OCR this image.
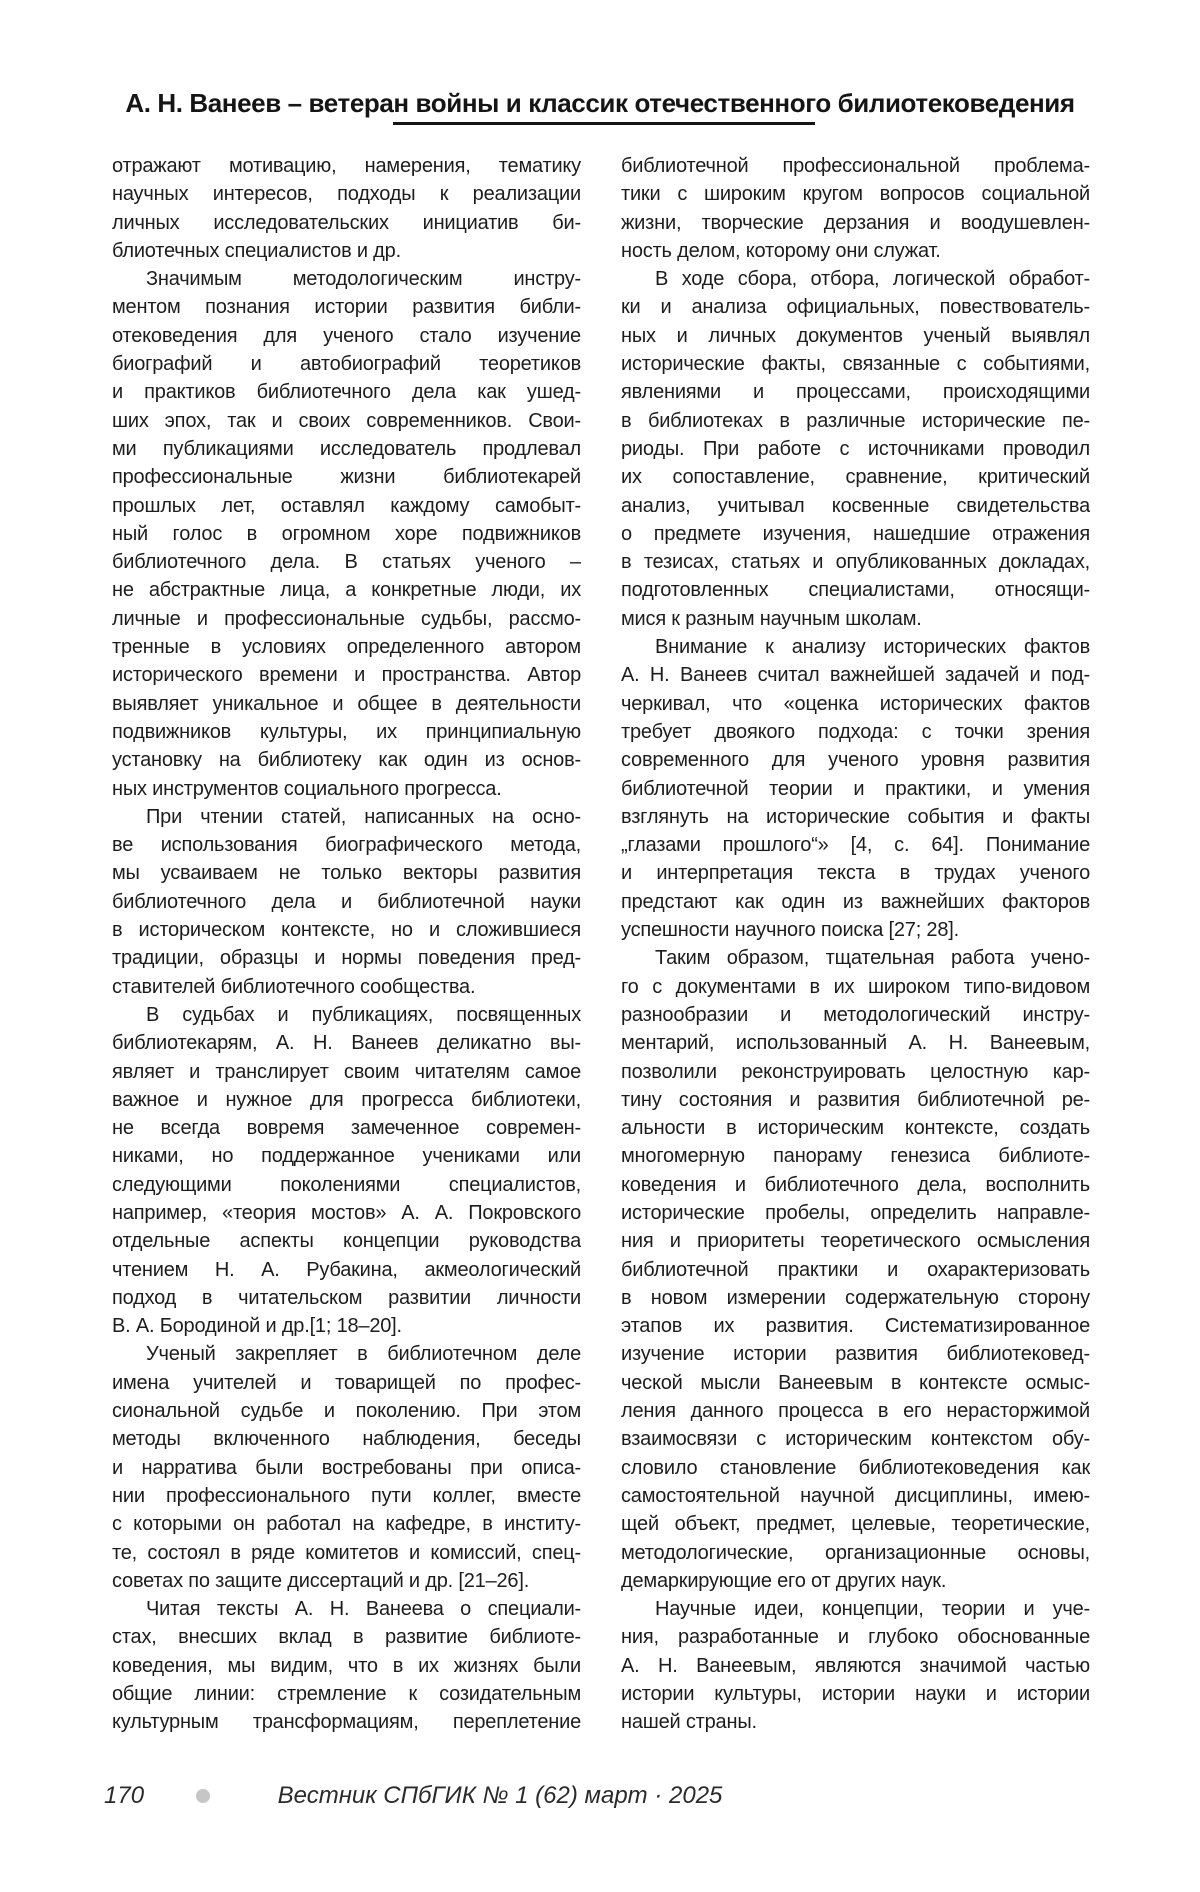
А. Н. Ванеев – ветеран войны и классик отечественного билиотековедения
отражают мотивацию, намерения, тематику
научных интересов, подходы к реализации
личных исследовательских инициатив би-
блиотечных специалистов и др.
Значимым методологическим инстру-
ментом познания истории развития библи-
отековедения для ученого стало изучение
биографий и автобиографий теоретиков
и практиков библиотечного дела как ушед-
ших эпох, так и своих современников. Свои-
ми публикациями исследователь продлевал
профессиональные жизни библиотекарей
прошлых лет, оставлял каждому самобыт-
ный голос в огромном хоре подвижников
библиотечного дела. В статьях ученого –
не абстрактные лица, а конкретные люди, их
личные и профессиональные судьбы, рассмо-
тренные в условиях определенного автором
исторического времени и пространства. Автор
выявляет уникальное и общее в деятельности
подвижников культуры, их принципиальную
установку на библиотеку как один из основ-
ных инструментов социального прогресса.
При чтении статей, написанных на осно-
ве использования биографического метода,
мы усваиваем не только векторы развития
библиотечного дела и библиотечной науки
в историческом контексте, но и сложившиеся
традиции, образцы и нормы поведения пред-
ставителей библиотечного сообщества.
В судьбах и публикациях, посвященных
библиотекарям, А. Н. Ванеев деликатно вы-
являет и транслирует своим читателям самое
важное и нужное для прогресса библиотеки,
не всегда вовремя замеченное современ-
никами, но поддержанное учениками или
следующими поколениями специалистов,
например, «теория мостов» А. А. Покровского
отдельные аспекты концепции руководства
чтением Н. А. Рубакина, акмеологический
подход в читательском развитии личности
В. А. Бородиной и др.[1; 18–20].
Ученый закрепляет в библиотечном деле
имена учителей и товарищей по профес-
сиональной судьбе и поколению. При этом
методы включенного наблюдения, беседы
и нарратива были востребованы при описа-
нии профессионального пути коллег, вместе
с которыми он работал на кафедре, в институ-
те, состоял в ряде комитетов и комиссий, спец-
советах по защите диссертаций и др. [21–26].
Читая тексты А. Н. Ванеева о специали-
стах, внесших вклад в развитие библиоте-
коведения, мы видим, что в их жизнях были
общие линии: стремление к созидательным
культурным трансформациям, переплетение
библиотечной профессиональной проблема-
тики с широким кругом вопросов социальной
жизни, творческие дерзания и воодушевлен-
ность делом, которому они служат.
В ходе сбора, отбора, логической обработ-
ки и анализа официальных, повествователь-
ных и личных документов ученый выявлял
исторические факты, связанные с событиями,
явлениями и процессами, происходящими
в библиотеках в различные исторические пе-
риоды. При работе с источниками проводил
их сопоставление, сравнение, критический
анализ, учитывал косвенные свидетельства
о предмете изучения, нашедшие отражения
в тезисах, статьях и опубликованных докладах,
подготовленных специалистами, относящи-
мися к разным научным школам.
Внимание к анализу исторических фактов
А. Н. Ванеев считал важнейшей задачей и под-
черкивал, что «оценка исторических фактов
требует двоякого подхода: с точки зрения
современного для ученого уровня развития
библиотечной теории и практики, и умения
взглянуть на исторические события и факты
„глазами прошлого“» [4, с. 64]. Понимание
и интерпретация текста в трудах ученого
предстают как один из важнейших факторов
успешности научного поиска [27; 28].
Таким образом, тщательная работа учено-
го с документами в их широком типо-видовом
разнообразии и методологический инстру-
ментарий, использованный А. Н. Ванеевым,
позволили реконструировать целостную кар-
тину состояния и развития библиотечной ре-
альности в историческим контексте, создать
многомерную панораму генезиса библиоте-
коведения и библиотечного дела, восполнить
исторические пробелы, определить направле-
ния и приоритеты теоретического осмысления
библиотечной практики и охарактеризовать
в новом измерении содержательную сторону
этапов их развития. Систематизированное
изучение истории развития библиотековед-
ческой мысли Ванеевым в контексте осмыс-
ления данного процесса в его нерасторжимой
взаимосвязи с историческим контекстом обу-
словило становление библиотековедения как
самостоятельной научной дисциплины, имею-
щей объект, предмет, целевые, теоретические,
методологические, организационные основы,
демаркирующие его от других наук.
Научные идеи, концепции, теории и уче-
ния, разработанные и глубоко обоснованные
А. Н. Ванеевым, являются значимой частью
истории культуры, истории науки и истории
нашей страны.
170	Вестник СПбГИК № 1 (62) март · 2025
